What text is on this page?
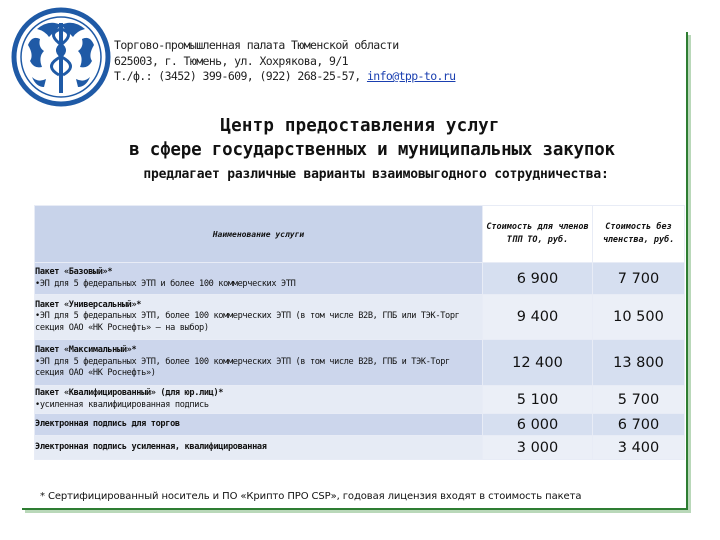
Торгово-промышленная палата Тюменской области
625003, г. Тюмень, ул. Хохрякова, 9/1
Т./ф.: (3452) 399-609, (922) 268-25-57, info@tpp-to.ru
Центр предоставления услуг
в сфере государственных и муниципальных закупок
предлагает различные варианты взаимовыгодного сотрудничества:
Наименование услуги	Стоимость для членов ТПП ТО, руб.	Стоимость без членства, руб.

Пакет «Базовый»*
•ЭП для 5 федеральных ЭТП и более 100 коммерческих ЭТП	6 900	7 700

Пакет «Универсальный»*
•ЭП для 5 федеральных ЭТП, более 100 коммерческих ЭТП (в том числе B2B, ГПБ или ТЭК-Торг секция ОАО «НК Роснефть» – на выбор)	9 400	10 500

Пакет «Максимальный»*
•ЭП для 5 федеральных ЭТП, более 100 коммерческих ЭТП (в том числе B2B, ГПБ и ТЭК-Торг секция ОАО «НК Роснефть»)	12 400	13 800

Пакет «Квалифицированный» (для юр.лиц)*
•усиленная квалифицированная подпись	5 100	5 700

Электронная подпись для торгов	6 000	6 700

Электронная подпись усиленная, квалифицированная	3 000	3 400
* Сертифицированный носитель и ПО «Крипто ПРО CSP», годовая лицензия входят в стоимость пакета
